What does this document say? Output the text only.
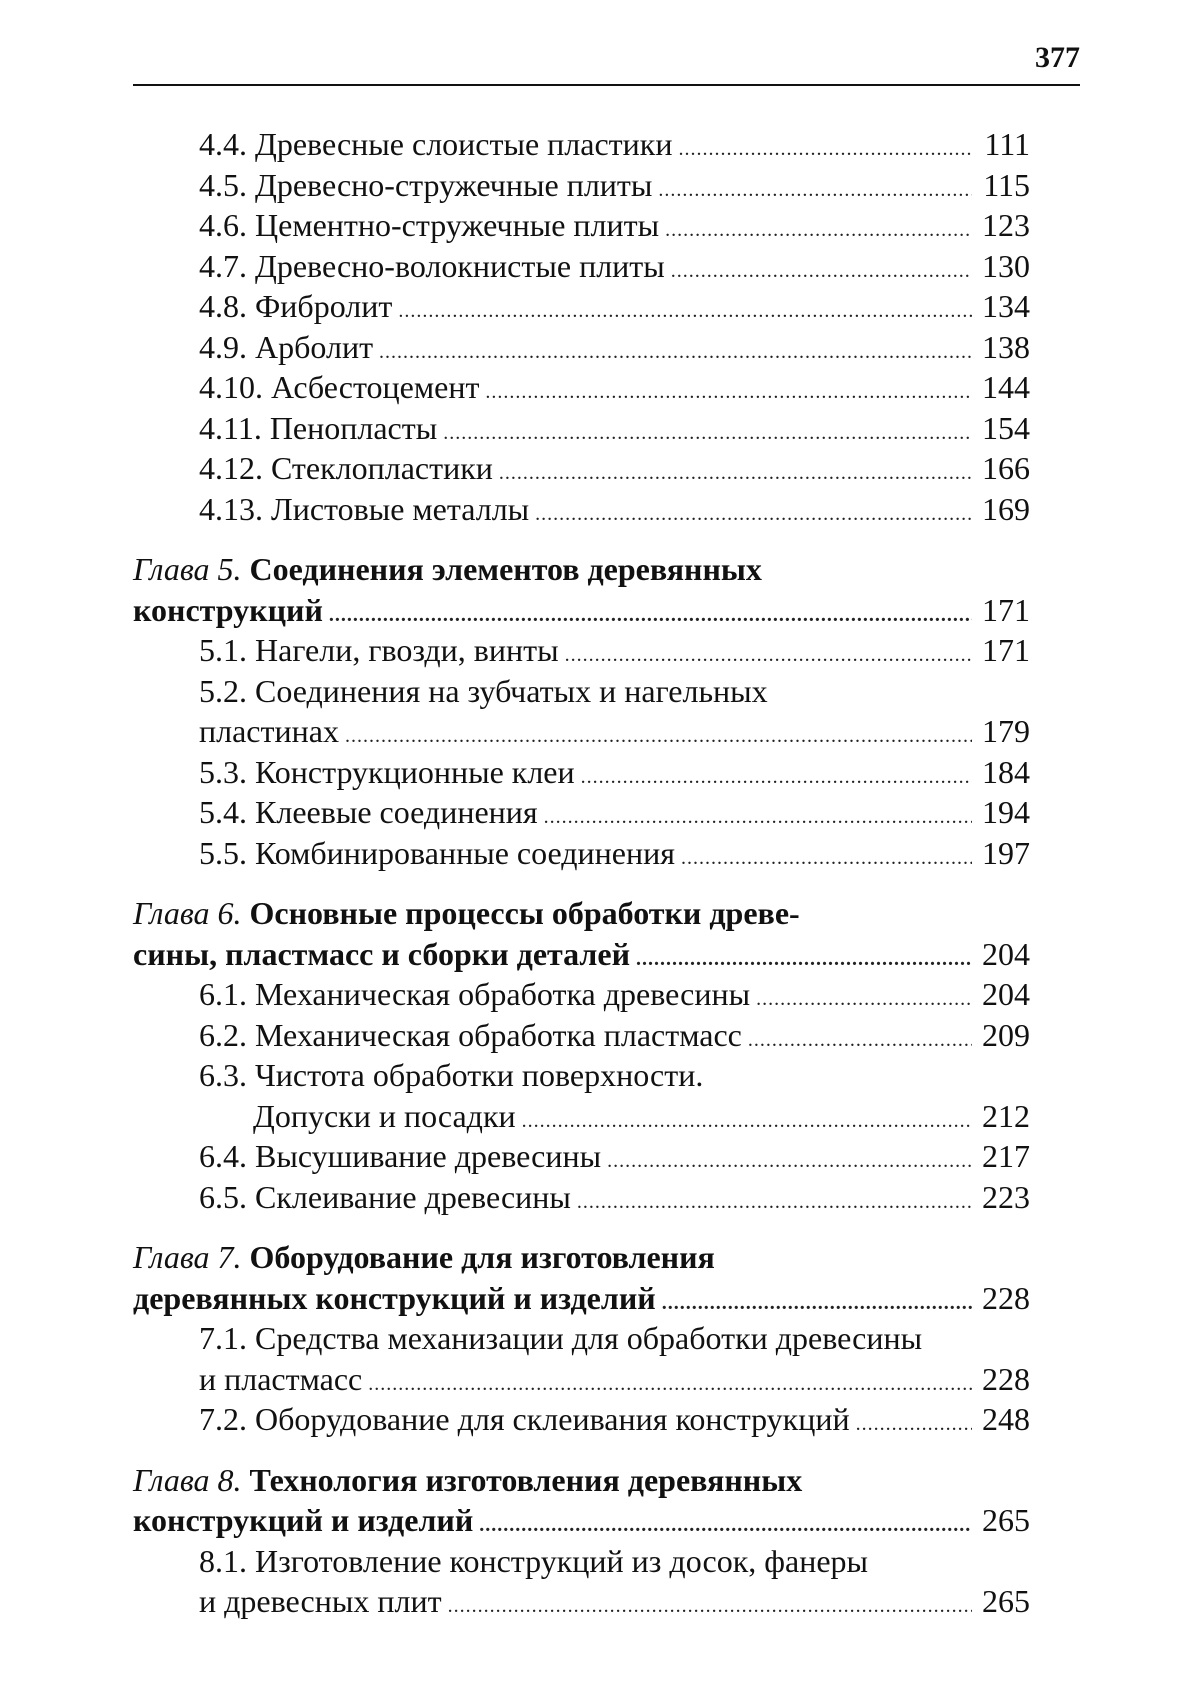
377
4.4. Древесные слоистые пластики .....	111
4.5. Древесно-стружечные плиты .....	115
4.6. Цементно-стружечные плиты .....	123
4.7. Древесно-волокнистые плиты .....	130
4.8. Фибролит .....	134
4.9. Арболит .....	138
4.10. Асбестоцемент .....	144
4.11. Пенопласты .....	154
4.12. Стеклопластики .....	166
4.13. Листовые металлы .....	169
Глава 5. Соединения элементов деревянных
конструкций .....	171
5.1. Нагели, гвозди, винты .....	171
5.2. Соединения на зубчатых и нагельных
пластинах .....	179
5.3. Конструкционные клеи .....	184
5.4. Клеевые соединения .....	194
5.5. Комбинированные соединения .....	197
Глава 6. Основные процессы обработки древе-
сины, пластмасс и сборки деталей .....	204
6.1. Механическая обработка древесины .....	204
6.2. Механическая обработка пластмасс .....	209
6.3. Чистота обработки поверхности.
Допуски и посадки .....	212
6.4. Высушивание древесины .....	217
6.5. Склеивание древесины .....	223
Глава 7. Оборудование для изготовления
деревянных конструкций и изделий .....	228
7.1. Средства механизации для обработки древесины
и пластмасс .....	228
7.2. Оборудование для склеивания конструкций .....	248
Глава 8. Технология изготовления деревянных
конструкций и изделий .....	265
8.1. Изготовление конструкций из досок, фанеры
и древесных плит .....	265
